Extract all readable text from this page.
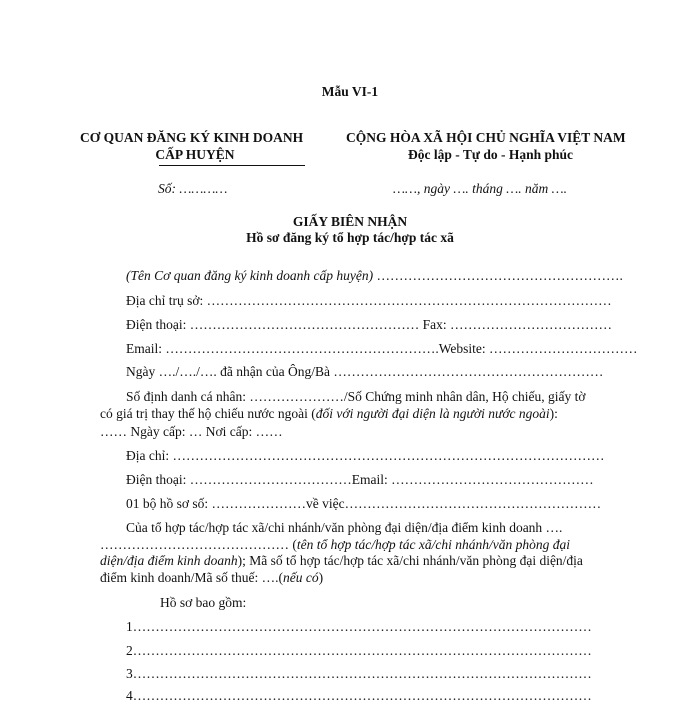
Mẫu VI-1
CƠ QUAN ĐĂNG KÝ KINH DOANH
CẤP HUYỆN
CỘNG HÒA XÃ HỘI CHỦ NGHĨA VIỆT NAM
Độc lập - Tự do - Hạnh phúc
Số: …………	……, ngày …. tháng …. năm ….
GIẤY BIÊN NHẬN
Hồ sơ đăng ký tổ hợp tác/hợp tác xã
(Tên Cơ quan đăng ký kinh doanh cấp huyện) ……………………………………………….
Địa chỉ trụ sở: ………………………………………………………………………………
Điện thoại: …………………………………………… Fax: ………………………………
Email: …………………………………………………….Website: ……………………………
Ngày …./…./…. đã nhận của Ông/Bà ……………………………………………………
Số định danh cá nhân: …………………/Số Chứng minh nhân dân, Hộ chiếu, giấy tờ
có giá trị thay thế hộ chiếu nước ngoài (đối với người đại diện là người nước ngoài):
…… Ngày cấp: … Nơi cấp: ……
Địa chỉ: ……………………………………………………………………………………
Điện thoại: ………………………………Email: ………………………………………
01 bộ hồ sơ số: …………………về việc…………………………………………………
Của tổ hợp tác/hợp tác xã/chi nhánh/văn phòng đại diện/địa điểm kinh doanh ….
…………………………………… (tên tổ hợp tác/hợp tác xã/chi nhánh/văn phòng đại
diện/địa điểm kinh doanh); Mã số tổ hợp tác/hợp tác xã/chi nhánh/văn phòng đại diện/địa
điểm kinh doanh/Mã số thuế: ….(nếu có)
Hồ sơ bao gồm:
1…………………………………………………………………………………………
2…………………………………………………………………………………………
3…………………………………………………………………………………………
4…………………………………………………………………………………………
